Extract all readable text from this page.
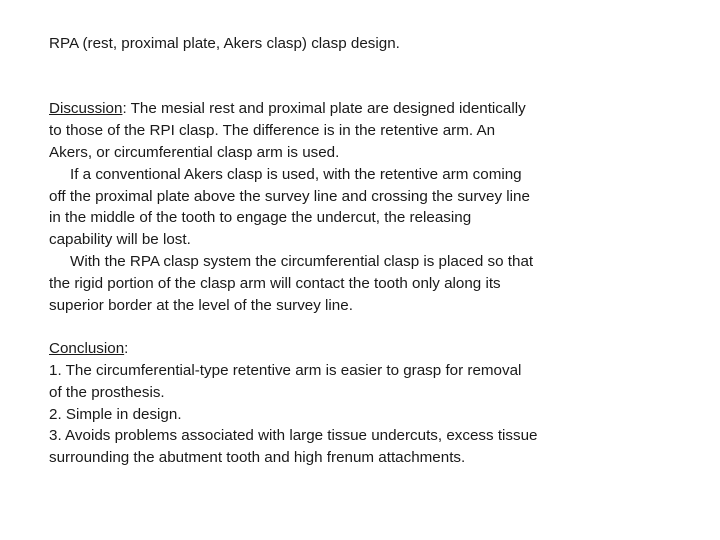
RPA (rest, proximal plate, Akers clasp) clasp design.
Discussion: The mesial rest and proximal plate are designed identically
to those of the RPI clasp. The difference is in the retentive arm. An
Akers, or circumferential clasp arm is used.
If a conventional Akers clasp is used, with the retentive arm coming
off the proximal plate above the survey line and crossing the survey line
in the middle of the tooth to engage the undercut, the releasing
capability will be lost.
With the RPA clasp system the circumferential clasp is placed so that
the rigid portion of the clasp arm will contact the tooth only along its
superior border at the level of the survey line.
Conclusion:
1. The circumferential-type retentive arm is easier to grasp for removal
of the prosthesis.
2. Simple in design.
3. Avoids problems associated with large tissue undercuts, excess tissue
surrounding the abutment tooth and high frenum attachments.
